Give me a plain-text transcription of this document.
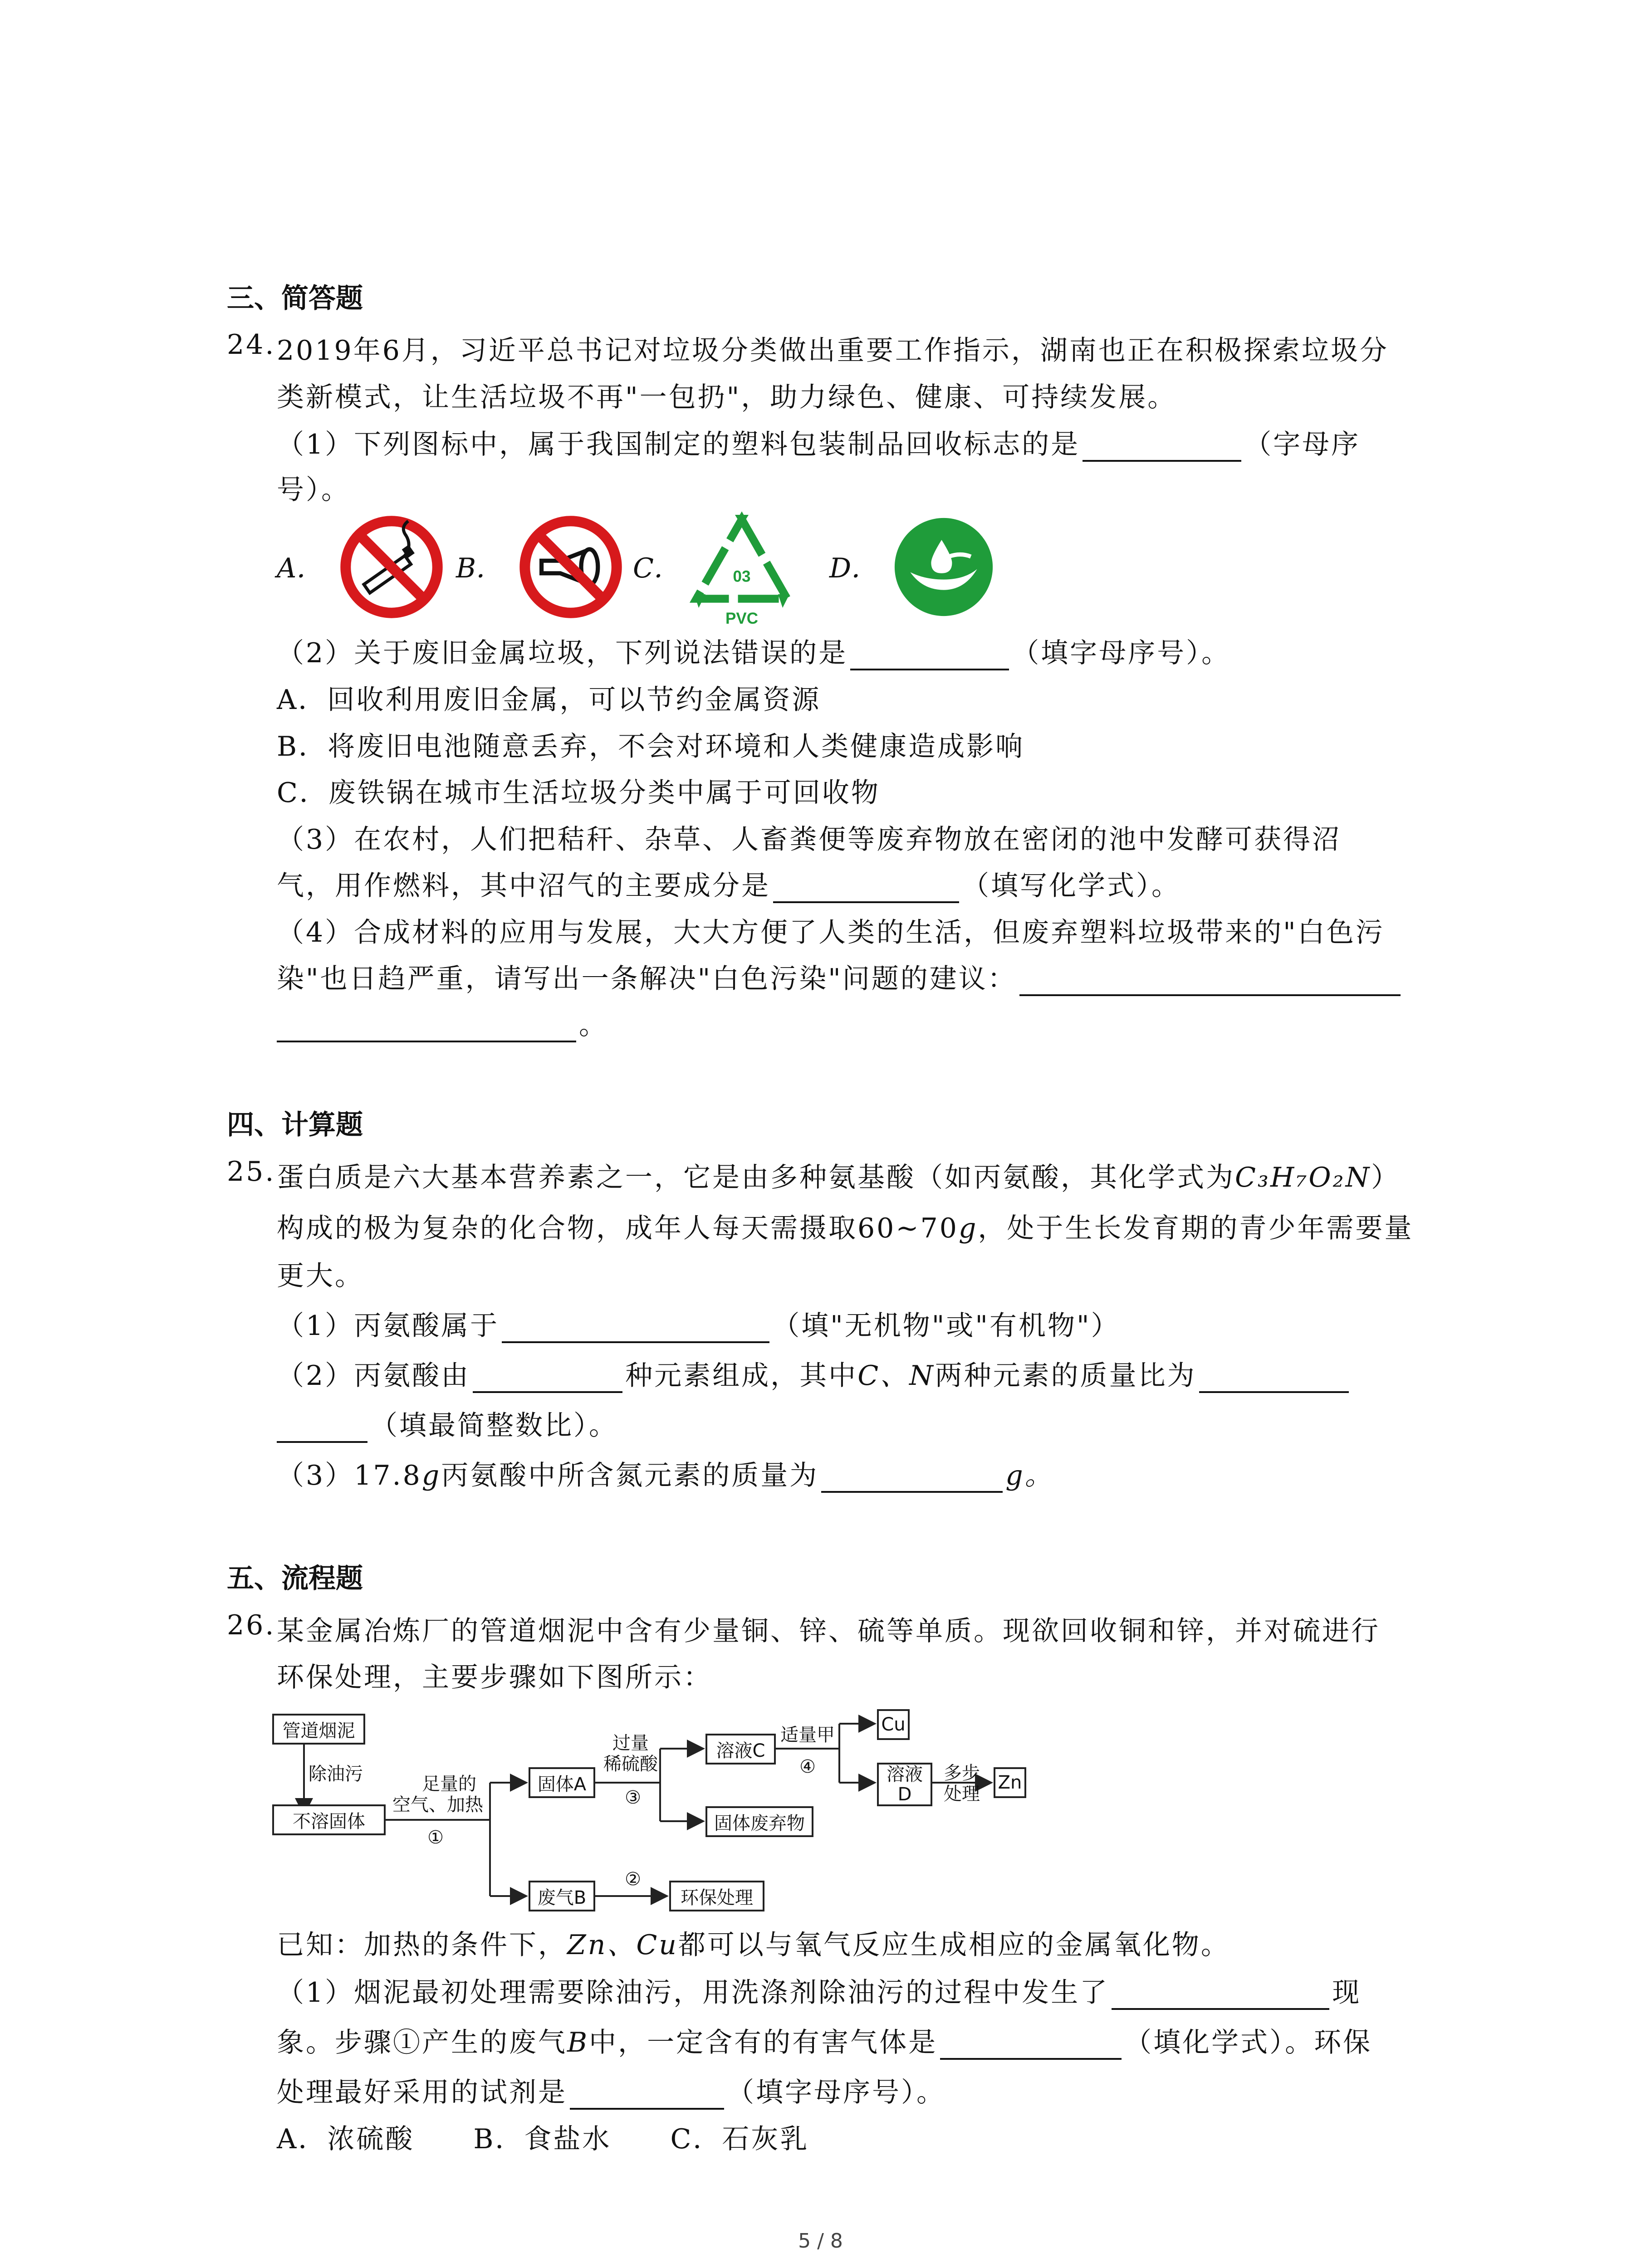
三、简答题
24. 2019年6月，习近平总书记对垃圾分类做出重要工作指示，湖南也正在积极探索垃圾分
类新模式，让生活垃圾不再"一包扔"，助力绿色、健康、可持续发展。
（1）下列图标中，属于我国制定的塑料包装制品回收标志的是	（字母序
号）。
A．	B．	C．	03
PVC
D．
（2）关于废旧金属垃圾，下列说法错误的是	（填字母序号）。
A．回收利用废旧金属，可以节约金属资源
B．将废旧电池随意丢弃，不会对环境和人类健康造成影响
C．废铁锅在城市生活垃圾分类中属于可回收物
（3）在农村，人们把秸秆、杂草、人畜粪便等废弃物放在密闭的池中发酵可获得沼
气，用作燃料，其中沼气的主要成分是	（填写化学式）。
（4）合成材料的应用与发展，大大方便了人类的生活，但废弃塑料垃圾带来的"白色污
染"也日趋严重，请写出一条解决"白色污染"问题的建议：
。
四、计算题
25. 蛋白质是六大基本营养素之一，它是由多种氨基酸（如丙氨酸，其化学式为C₃H₇O₂N）
构成的极为复杂的化合物，成年人每天需摄取60~70g，处于生长发育期的青少年需要量
更大。
（1）丙氨酸属于	（填"无机物"或"有机物"）
（2）丙氨酸由	种元素组成，其中C、N两种元素的质量比为
（填最简整数比）。
（3）17.8g丙氨酸中所含氮元素的质量为	g。
五、流程题
26. 某金属冶炼厂的管道烟泥中含有少量铜、锌、硫等单质。现欲回收铜和锌，并对硫进行
环保处理，主要步骤如下图所示：
管道烟泥
除油污
不溶固体
足量的
空气、加热
①
固体A
过量
稀硫酸
③
溶液C
适量甲
④
Cu
溶液
D
多步
处理
Zn
固体废弃物
废气B
②
环保处理
已知：加热的条件下，Zn、Cu都可以与氧气反应生成相应的金属氧化物。
（1）烟泥最初处理需要除油污，用洗涤剂除油污的过程中发生了	现
象。步骤①产生的废气B中，一定含有的有害气体是	（填化学式）。环保
处理最好采用的试剂是	（填字母序号）。
A．浓硫酸 B．食盐水 C．石灰乳
5 / 8
